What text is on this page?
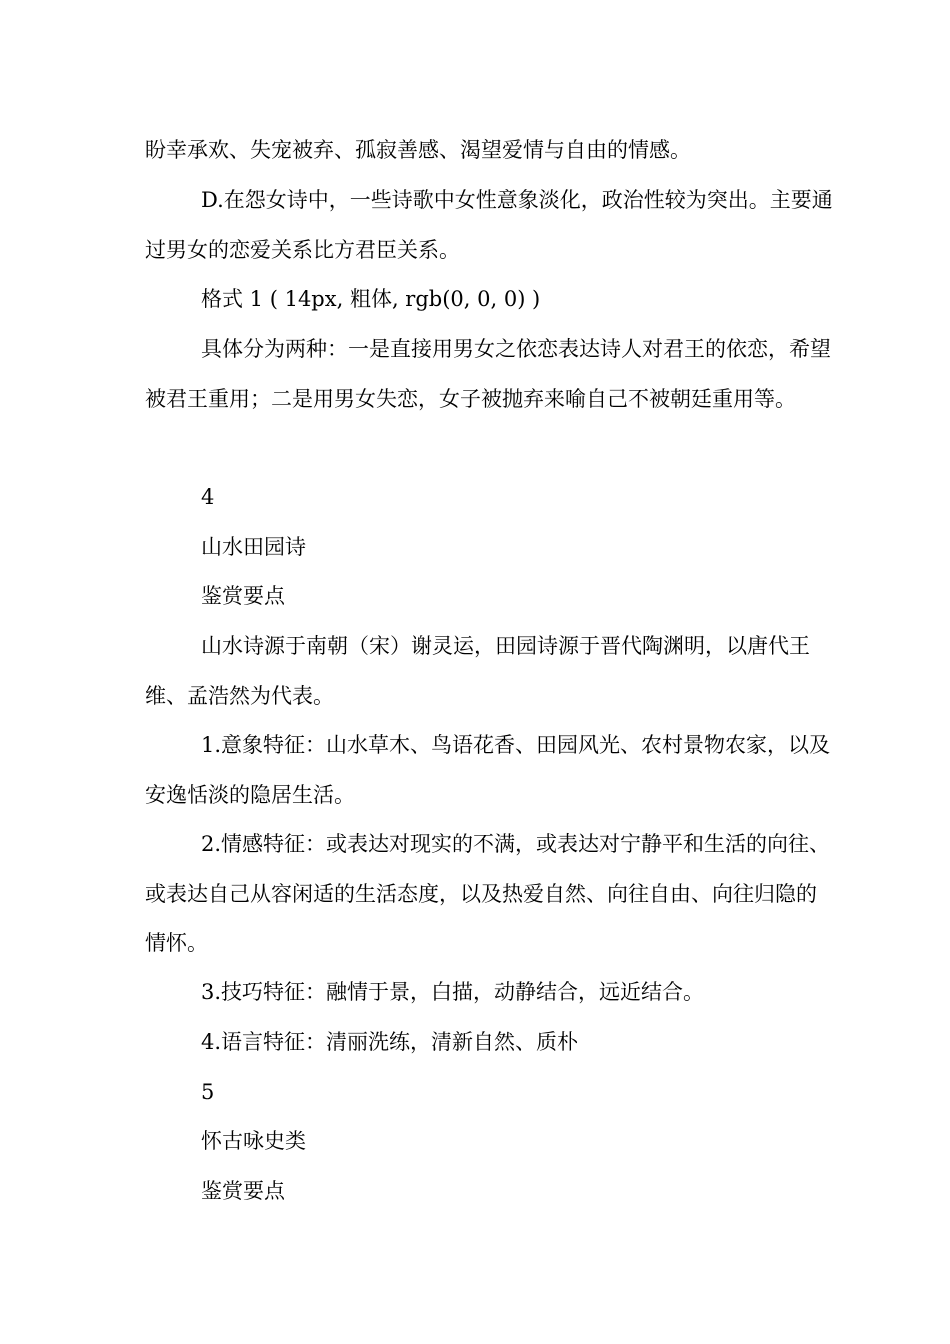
盼幸承欢、失宠被弃、孤寂善感、渴望爱情与自由的情感。

D.在怨女诗中，一些诗歌中女性意象淡化，政治性较为突出。主要通过男女的恋爱关系比方君臣关系。

格式 1 ( 14px, 粗体, rgb(0, 0, 0) )

具体分为两种：一是直接用男女之依恋表达诗人对君王的依恋，希望被君王重用；二是用男女失恋，女子被抛弃来喻自己不被朝廷重用等。

4

山水田园诗

鉴赏要点

山水诗源于南朝（宋）谢灵运，田园诗源于晋代陶渊明，以唐代王维、孟浩然为代表。

1.意象特征：山水草木、鸟语花香、田园风光、农村景物农家，以及安逸恬淡的隐居生活。

2.情感特征：或表达对现实的不满，或表达对宁静平和生活的向往、或表达自己从容闲适的生活态度，以及热爱自然、向往自由、向往归隐的情怀。

3.技巧特征：融情于景，白描，动静结合，远近结合。

4.语言特征：清丽洗练，清新自然、质朴

5

怀古咏史类

鉴赏要点
